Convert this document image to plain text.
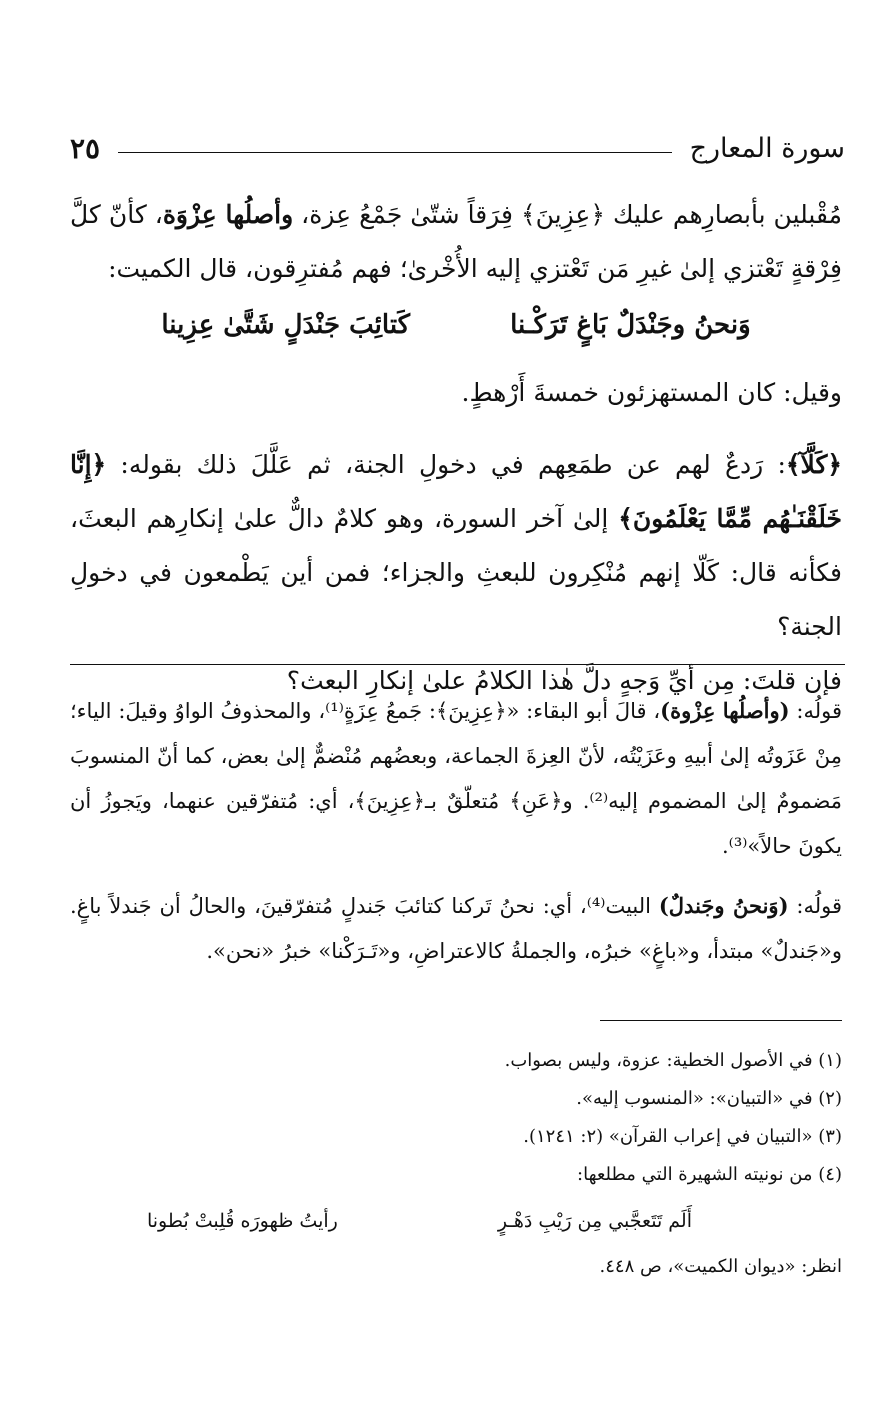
سورة المعارج
٢٥

مُقْبلين بأبصارِهم عليك ﴿عِزِينَ﴾ فِرَقاً شتّىٰ جَمْعُ عِزة، وأصلُها عِزْوَة، كأنّ كلَّ فِرْقةٍ تَعْتزي إلىٰ غيرِ مَن تَعْتزي إليه الأُخْرىٰ؛ فهم مُفترِقون، قال الكميت:

وَنحنُ وجَنْدَلٌ بَاغٍ تَرَكْـنا
كَتائِبَ جَنْدَلٍ شَتَّىٰ عِزِينا

وقيل: كان المستهزئون خمسةَ أَرْهطٍ.

﴿كَلَّآ﴾: رَدعٌ لهم عن طمَعِهم في دخولِ الجنة، ثم عَلَّلَ ذلك بقوله: ﴿إِنَّا خَلَقْنَـٰهُم مِّمَّا يَعْلَمُونَ﴾ إلىٰ آخر السورة، وهو كلامٌ دالٌّ علىٰ إنكارِهم البعثَ، فكأنه قال: كَلّا إنهم مُنْكِرون للبعثِ والجزاء؛ فمن أين يَطْمعون في دخولِ الجنة؟

فإن قلتَ: مِن أيِّ وَجهٍ دلَّ هٰذا الكلامُ علىٰ إنكارِ البعث؟

قولُه: (وأصلُها عِزْوة)، قالَ أبو البقاء: «﴿عِزِينَ﴾: جَمعُ عِزَةٍ⁽¹⁾، والمحذوفُ الواوُ وقيلَ: الياء؛ مِنْ عَزَوتُه إلىٰ أبيهِ وعَزَيْتُه، لأنّ العِزةَ الجماعة، وبعضُهم مُنْضمٌّ إلىٰ بعض، كما أنّ المنسوبَ مَضمومٌ إلىٰ المضموم إليه⁽²⁾. و﴿عَنِ﴾ مُتعلّقٌ بـ﴿عِزِينَ﴾، أي: مُتفرّقين عنهما، ويَجوزُ أن يكونَ حالاً»⁽³⁾.

قولُه: (وَنحنُ وجَندلٌ) البيت⁽⁴⁾، أي: نحنُ تَركنا كتائبَ جَندلٍ مُتفرّقينَ، والحالُ أن جَندلاً باغٍ. و«جَندلٌ» مبتدأ، و«باغٍ» خبرُه، والجملةُ كالاعتراضِ، و«تَـرَكْنا» خبرُ «نحن».

(١) في الأصول الخطية: عزوة، وليس بصواب.

(٢) في «التبيان»: «المنسوب إليه».

(٣) «التبيان في إعراب القرآن» (٢: ١٢٤١).

(٤) من نونيته الشهيرة التي مطلعها:

أَلَم تَتَعجَّبي مِن رَيْبِ دَهْـرٍ
رأيتُ ظهورَه قُلِبتْ بُطونا

انظر: «ديوان الكميت»، ص ٤٤٨.
